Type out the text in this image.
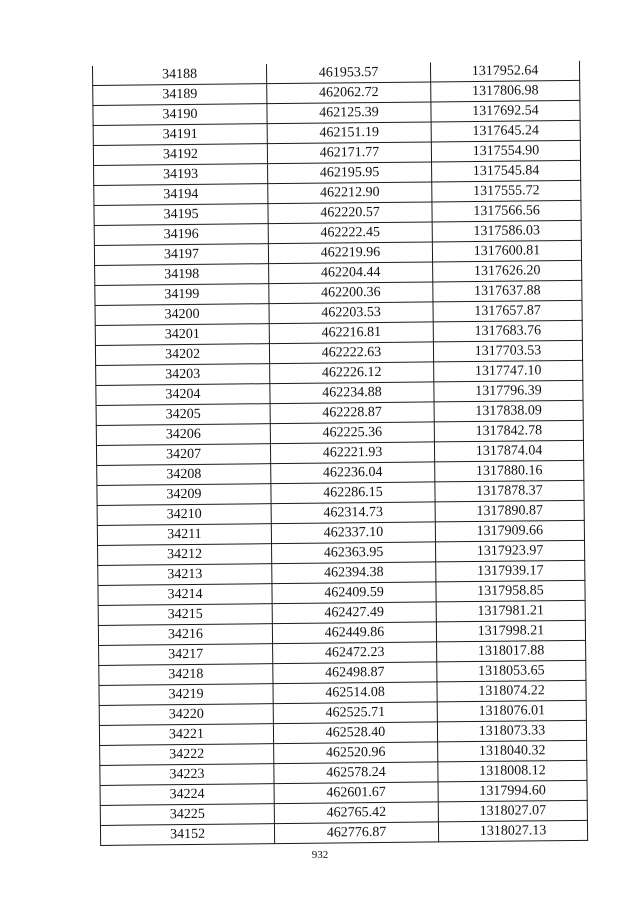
34188	461953.57	1317952.64
34189	462062.72	1317806.98
34190	462125.39	1317692.54
34191	462151.19	1317645.24
34192	462171.77	1317554.90
34193	462195.95	1317545.84
34194	462212.90	1317555.72
34195	462220.57	1317566.56
34196	462222.45	1317586.03
34197	462219.96	1317600.81
34198	462204.44	1317626.20
34199	462200.36	1317637.88
34200	462203.53	1317657.87
34201	462216.81	1317683.76
34202	462222.63	1317703.53
34203	462226.12	1317747.10
34204	462234.88	1317796.39
34205	462228.87	1317838.09
34206	462225.36	1317842.78
34207	462221.93	1317874.04
34208	462236.04	1317880.16
34209	462286.15	1317878.37
34210	462314.73	1317890.87
34211	462337.10	1317909.66
34212	462363.95	1317923.97
34213	462394.38	1317939.17
34214	462409.59	1317958.85
34215	462427.49	1317981.21
34216	462449.86	1317998.21
34217	462472.23	1318017.88
34218	462498.87	1318053.65
34219	462514.08	1318074.22
34220	462525.71	1318076.01
34221	462528.40	1318073.33
34222	462520.96	1318040.32
34223	462578.24	1318008.12
34224	462601.67	1317994.60
34225	462765.42	1318027.07
34152	462776.87	1318027.13
932
